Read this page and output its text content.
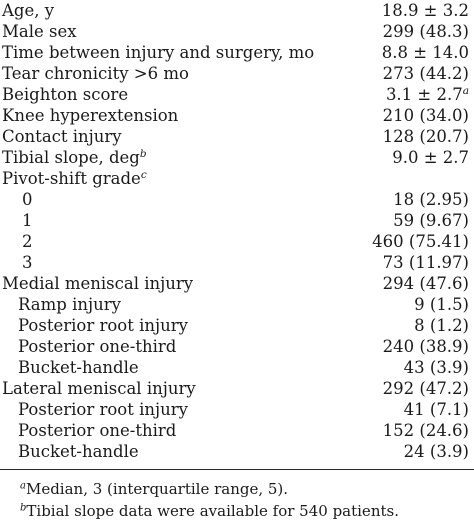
Age, y	18.9 ± 3.2
Male sex	299 (48.3)
Time between injury and surgery, mo	8.8 ± 14.0
Tear chronicity >6 mo	273 (44.2)
Beighton score	3.1 ± 2.7$^a$
Knee hyperextension	210 (34.0)
Contact injury	128 (20.7)
Tibial slope, deg$^b$	9.0 ± 2.7
Pivot-shift grade$^c$	
0	18 (2.95)
1	59 (9.67)
2	460 (75.41)
3	73 (11.97)
Medial meniscal injury	294 (47.6)
Ramp injury	9 (1.5)
Posterior root injury	8 (1.2)
Posterior one-third	240 (38.9)
Bucket-handle	43 (3.9)
Lateral meniscal injury	292 (47.2)
Posterior root injury	41 (7.1)
Posterior one-third	152 (24.6)
Bucket-handle	24 (3.9)
$^a$Median, 3 (interquartile range, 5).
$^b$Tibial slope data were available for 540 patients.
